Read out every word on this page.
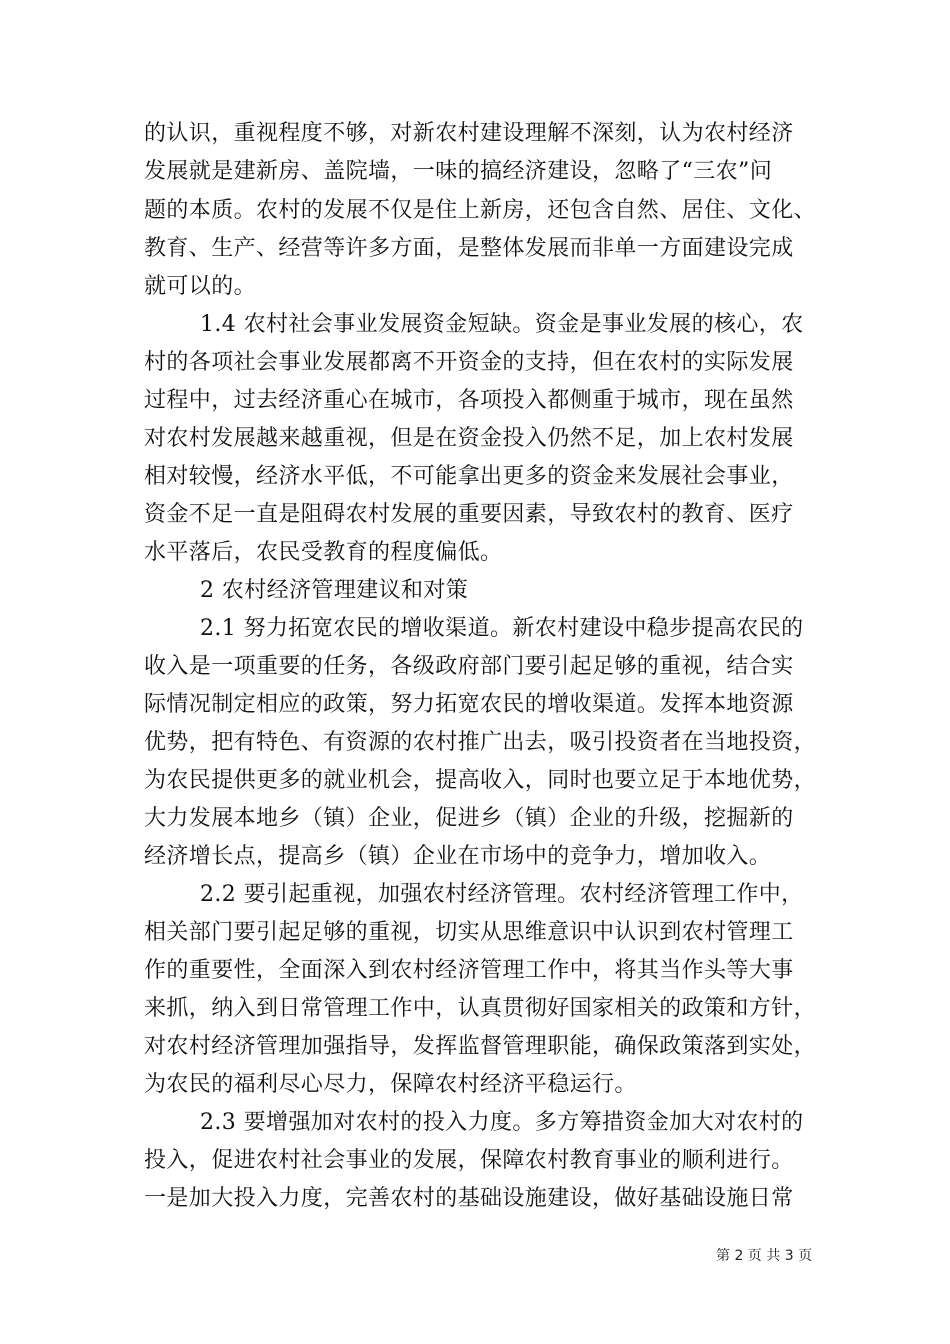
的认识，重视程度不够，对新农村建设理解不深刻，认为农村经济
发展就是建新房、盖院墙，一味的搞经济建设，忽略了“三农”问
题的本质。农村的发展不仅是住上新房，还包含自然、居住、文化、
教育、生产、经营等许多方面，是整体发展而非单一方面建设完成
就可以的。
1.4 农村社会事业发展资金短缺。资金是事业发展的核心，农
村的各项社会事业发展都离不开资金的支持，但在农村的实际发展
过程中，过去经济重心在城市，各项投入都侧重于城市，现在虽然
对农村发展越来越重视，但是在资金投入仍然不足，加上农村发展
相对较慢，经济水平低，不可能拿出更多的资金来发展社会事业，
资金不足一直是阻碍农村发展的重要因素，导致农村的教育、医疗
水平落后，农民受教育的程度偏低。
2 农村经济管理建议和对策
2.1 努力拓宽农民的增收渠道。新农村建设中稳步提高农民的
收入是一项重要的任务，各级政府部门要引起足够的重视，结合实
际情况制定相应的政策，努力拓宽农民的增收渠道。发挥本地资源
优势，把有特色、有资源的农村推广出去，吸引投资者在当地投资，
为农民提供更多的就业机会，提高收入，同时也要立足于本地优势，
大力发展本地乡（镇）企业，促进乡（镇）企业的升级，挖掘新的
经济增长点，提高乡（镇）企业在市场中的竞争力，增加收入。
2.2 要引起重视，加强农村经济管理。农村经济管理工作中，
相关部门要引起足够的重视，切实从思维意识中认识到农村管理工
作的重要性，全面深入到农村经济管理工作中，将其当作头等大事
来抓，纳入到日常管理工作中，认真贯彻好国家相关的政策和方针，
对农村经济管理加强指导，发挥监督管理职能，确保政策落到实处，
为农民的福利尽心尽力，保障农村经济平稳运行。
2.3 要增强加对农村的投入力度。多方筹措资金加大对农村的
投入，促进农村社会事业的发展，保障农村教育事业的顺利进行。
一是加大投入力度，完善农村的基础设施建设，做好基础设施日常
第 2 页 共 3 页
